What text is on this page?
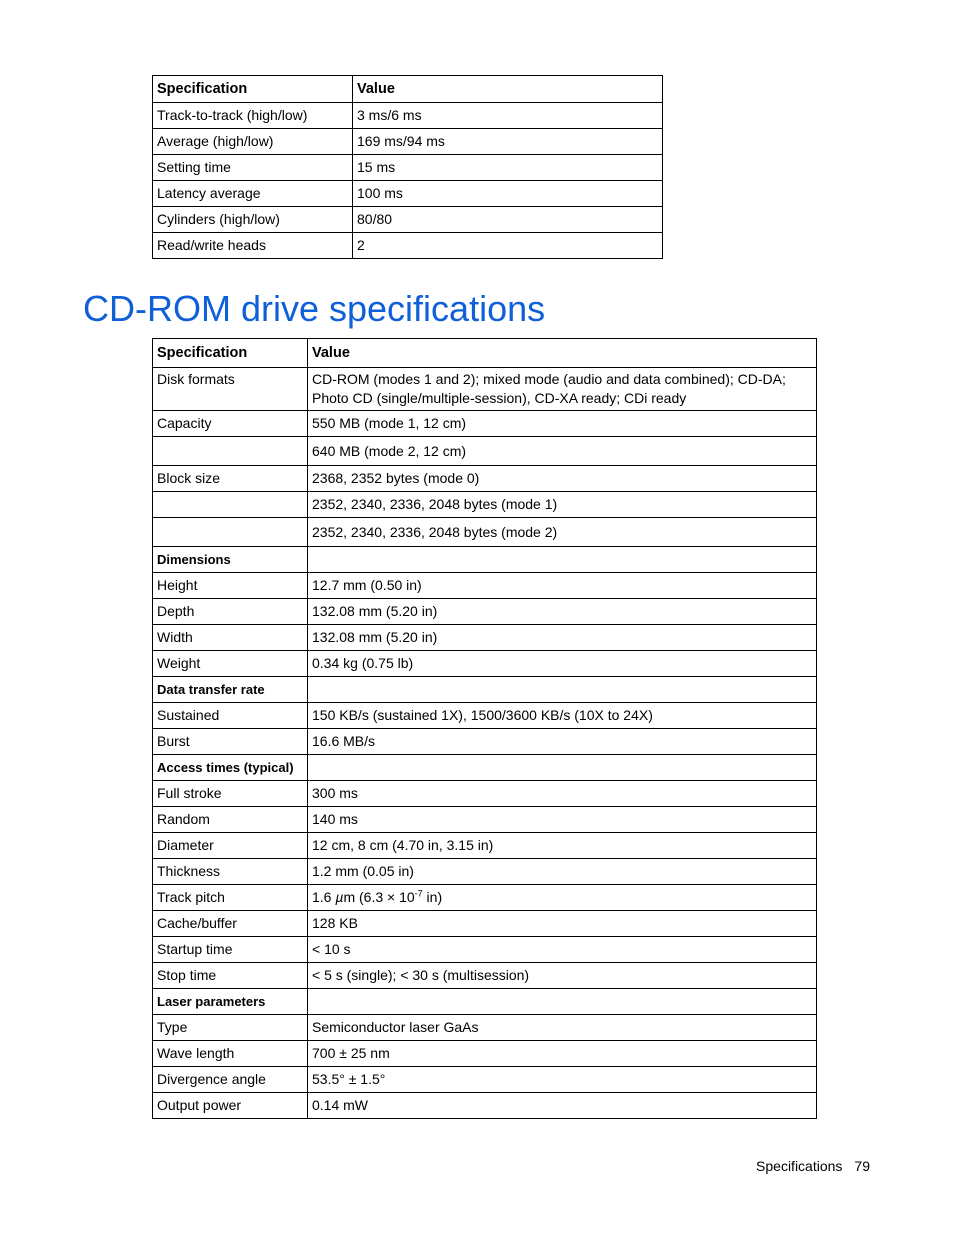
Specification	Value
Track-to-track (high/low)	3 ms/6 ms
Average (high/low)	169 ms/94 ms
Setting time	15 ms
Latency average	100 ms
Cylinders (high/low)	80/80
Read/write heads	2
CD-ROM drive specifications
Specification	Value
Disk formats	CD-ROM (modes 1 and 2); mixed mode (audio and data combined); CD-DA;
Photo CD (single/multiple-session), CD-XA ready; CDi ready
Capacity	550 MB (mode 1, 12 cm)
	640 MB (mode 2, 12 cm)
Block size	2368, 2352 bytes (mode 0)
	2352, 2340, 2336, 2048 bytes (mode 1)
	2352, 2340, 2336, 2048 bytes (mode 2)
Dimensions	
Height	12.7 mm (0.50 in)
Depth	132.08 mm (5.20 in)
Width	132.08 mm (5.20 in)
Weight	0.34 kg (0.75 lb)
Data transfer rate	
Sustained	150 KB/s (sustained 1X), 1500/3600 KB/s (10X to 24X)
Burst	16.6 MB/s
Access times (typical)	
Full stroke	300 ms
Random	140 ms
Diameter	12 cm, 8 cm (4.70 in, 3.15 in)
Thickness	1.2 mm (0.05 in)
Track pitch	1.6 µm ($6.3 \times 10^{-7}$ in)
Cache/buffer	128 KB
Startup time	< 10 s
Stop time	< 5 s (single); < 30 s (multisession)
Laser parameters	
Type	Semiconductor laser GaAs
Wave length	700 ± 25 nm
Divergence angle	53.5° ± 1.5°
Output power	0.14 mW
Specifications 79
